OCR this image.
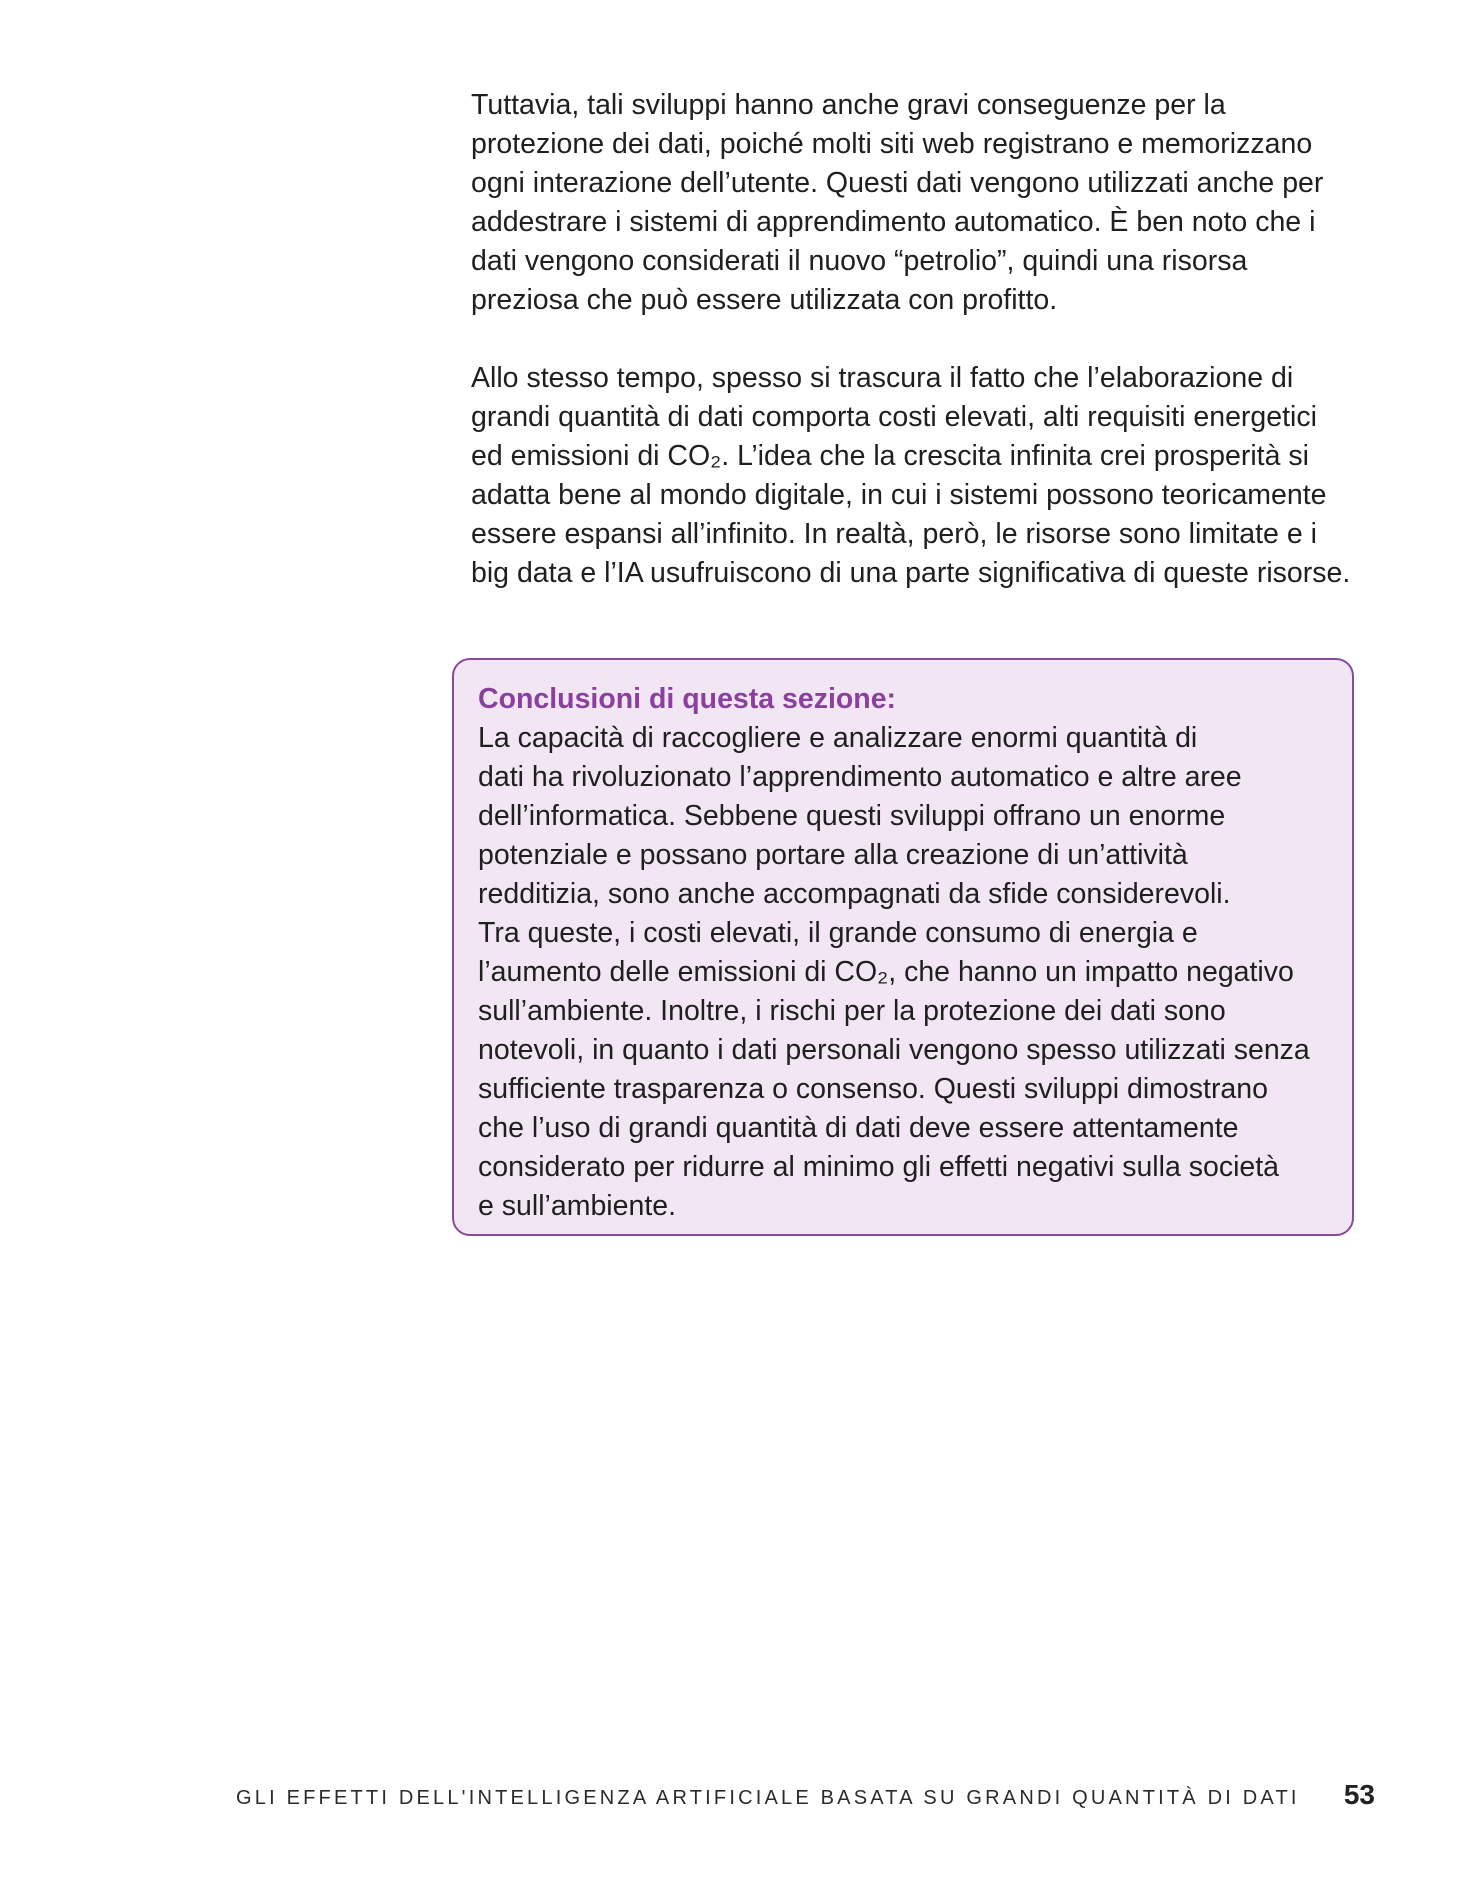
Tuttavia, tali sviluppi hanno anche gravi conseguenze per la
protezione dei dati, poiché molti siti web registrano e memorizzano
ogni interazione dell’utente. Questi dati vengono utilizzati anche per
addestrare i sistemi di apprendimento automatico. È ben noto che i
dati vengono considerati il nuovo “petrolio”, quindi una risorsa
preziosa che può essere utilizzata con profitto.

Allo stesso tempo, spesso si trascura il fatto che l’elaborazione di
grandi quantità di dati comporta costi elevati, alti requisiti energetici
ed emissioni di CO₂. L’idea che la crescita infinita crei prosperità si
adatta bene al mondo digitale, in cui i sistemi possono teoricamente
essere espansi all’infinito. In realtà, però, le risorse sono limitate e i
big data e l’IA usufruiscono di una parte significativa di queste risorse.

Conclusioni di questa sezione:

La capacità di raccogliere e analizzare enormi quantità di
dati ha rivoluzionato l’apprendimento automatico e altre aree
dell’informatica. Sebbene questi sviluppi offrano un enorme
potenziale e possano portare alla creazione di un’attività
redditizia, sono anche accompagnati da sfide considerevoli.
Tra queste, i costi elevati, il grande consumo di energia e
l’aumento delle emissioni di CO₂, che hanno un impatto negativo
sull’ambiente. Inoltre, i rischi per la protezione dei dati sono
notevoli, in quanto i dati personali vengono spesso utilizzati senza
sufficiente trasparenza o consenso. Questi sviluppi dimostrano
che l’uso di grandi quantità di dati deve essere attentamente
considerato per ridurre al minimo gli effetti negativi sulla società
e sull’ambiente.

GLI EFFETTI DELL'INTELLIGENZA ARTIFICIALE BASATA SU GRANDI QUANTITÀ DI DATI 53
